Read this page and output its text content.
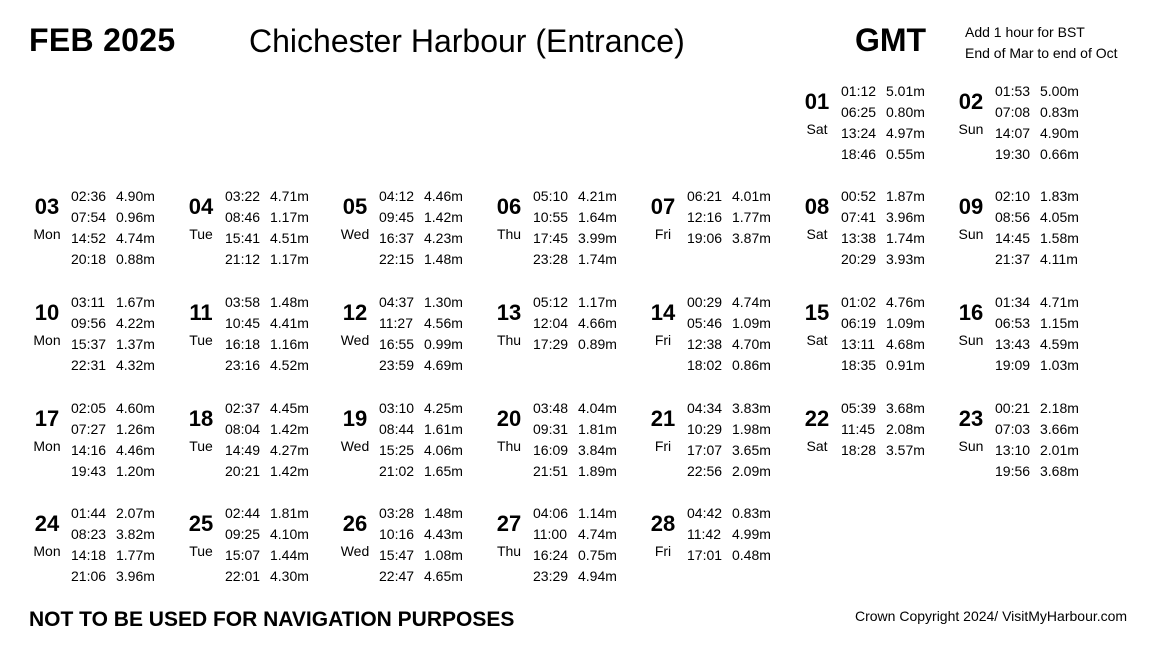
FEB 2025 Chichester Harbour (Entrance)	GMT	Add 1 hour for BST
End of Mar to end of Oct
01
Sat
01:12 5.01m
06:25 0.80m
13:24 4.97m
18:46 0.55m
02
Sun
01:53 5.00m
07:08 0.83m
14:07 4.90m
19:30 0.66m
03
Mon
02:36 4.90m
07:54 0.96m
14:52 4.74m
20:18 0.88m
04
Tue
03:22 4.71m
08:46 1.17m
15:41 4.51m
21:12 1.17m
05
Wed
04:12 4.46m
09:45 1.42m
16:37 4.23m
22:15 1.48m
06
Thu
05:10 4.21m
10:55 1.64m
17:45 3.99m
23:28 1.74m
07
Fri
06:21 4.01m
12:16 1.77m
19:06 3.87m
08
Sat
00:52 1.87m
07:41 3.96m
13:38 1.74m
20:29 3.93m
09
Sun
02:10 1.83m
08:56 4.05m
14:45 1.58m
21:37 4.11m
10
Mon
03:11 1.67m
09:56 4.22m
15:37 1.37m
22:31 4.32m
11
Tue
03:58 1.48m
10:45 4.41m
16:18 1.16m
23:16 4.52m
12
Wed
04:37 1.30m
11:27 4.56m
16:55 0.99m
23:59 4.69m
13
Thu
05:12 1.17m
12:04 4.66m
17:29 0.89m
14
Fri
00:29 4.74m
05:46 1.09m
12:38 4.70m
18:02 0.86m
15
Sat
01:02 4.76m
06:19 1.09m
13:11 4.68m
18:35 0.91m
16
Sun
01:34 4.71m
06:53 1.15m
13:43 4.59m
19:09 1.03m
17
Mon
02:05 4.60m
07:27 1.26m
14:16 4.46m
19:43 1.20m
18
Tue
02:37 4.45m
08:04 1.42m
14:49 4.27m
20:21 1.42m
19
Wed
03:10 4.25m
08:44 1.61m
15:25 4.06m
21:02 1.65m
20
Thu
03:48 4.04m
09:31 1.81m
16:09 3.84m
21:51 1.89m
21
Fri
04:34 3.83m
10:29 1.98m
17:07 3.65m
22:56 2.09m
22
Sat
05:39 3.68m
11:45 2.08m
18:28 3.57m
23
Sun
00:21 2.18m
07:03 3.66m
13:10 2.01m
19:56 3.68m
24
Mon
01:44 2.07m
08:23 3.82m
14:18 1.77m
21:06 3.96m
25
Tue
02:44 1.81m
09:25 4.10m
15:07 1.44m
22:01 4.30m
26
Wed
03:28 1.48m
10:16 4.43m
15:47 1.08m
22:47 4.65m
27
Thu
04:06 1.14m
11:00 4.74m
16:24 0.75m
23:29 4.94m
28
Fri
04:42 0.83m
11:42 4.99m
17:01 0.48m
NOT TO BE USED FOR NAVIGATION PURPOSES	Crown Copyright 2024/ VisitMyHarbour.com
